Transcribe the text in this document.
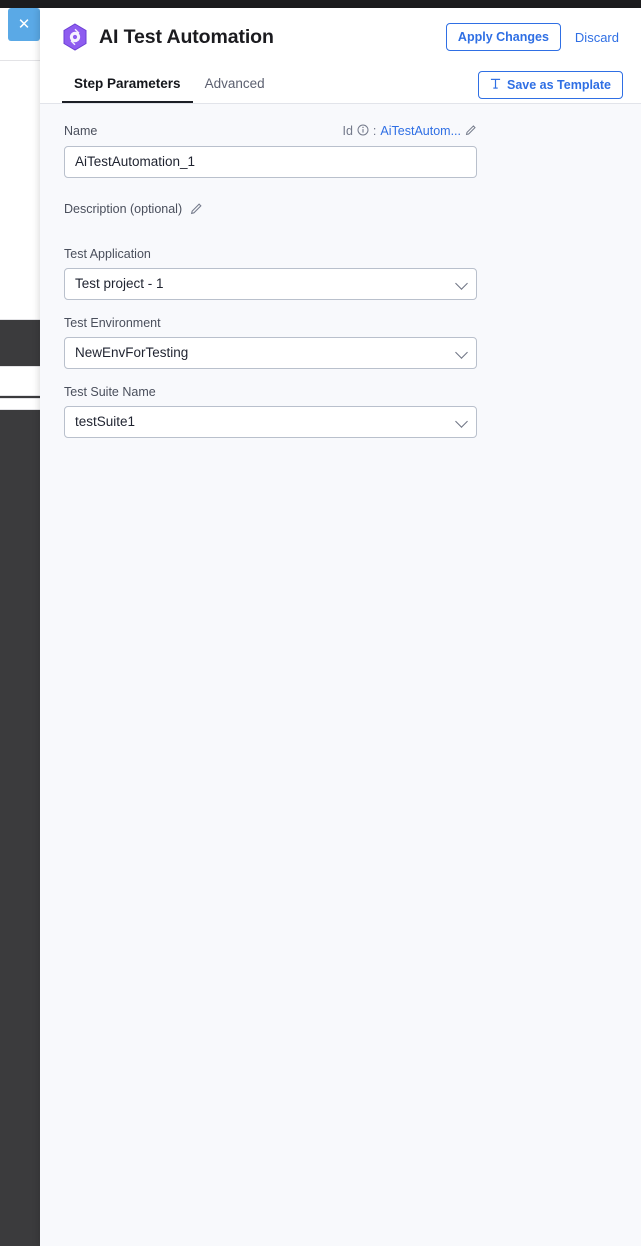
✕
AI Test Automation	Apply Changes	Discard
Step Parameters	Advanced	Save as Template
Name	Id : AiTestAutom...
AiTestAutomation_1
Description (optional)
Test Application
Test project - 1
Test Environment
NewEnvForTesting
Test Suite Name
testSuite1
